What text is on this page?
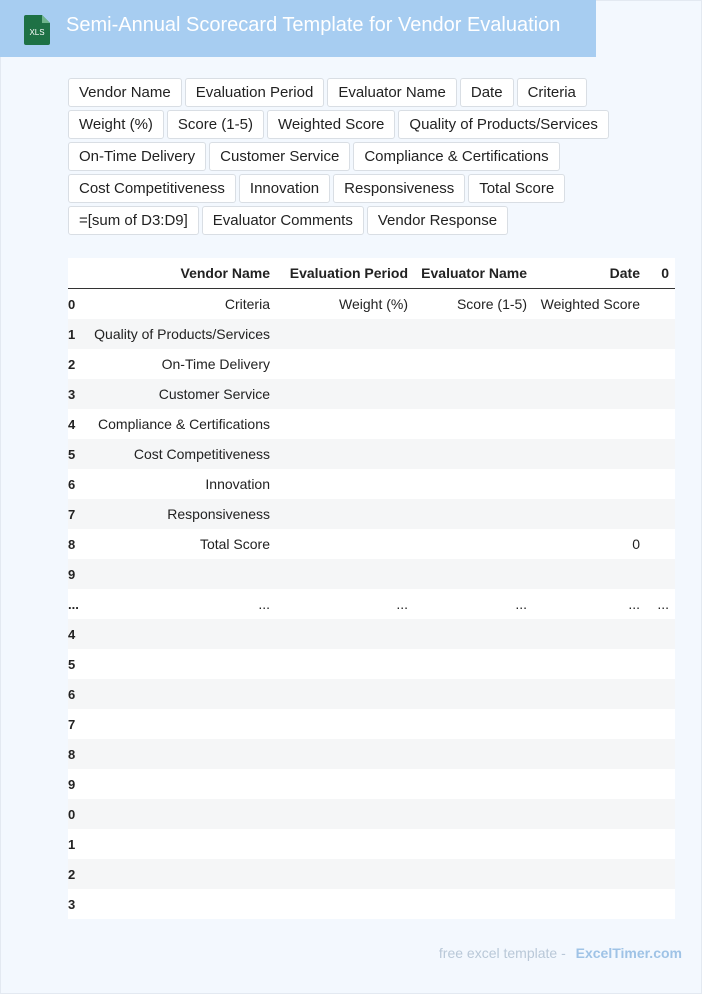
XLS Semi-Annual Scorecard Template for Vendor Evaluation
Vendor Name	Evaluation Period	Evaluator Name	Date	Criteria
Weight (%)	Score (1-5)	Weighted Score	Quality of Products/Services
On-Time Delivery	Customer Service	Compliance & Certifications
Cost Competitiveness	Innovation	Responsiveness	Total Score
=[sum of D3:D9]	Evaluator Comments	Vendor Response
	Vendor Name	Evaluation Period	Evaluator Name	Date	0
0	Criteria	Weight (%)	Score (1-5)	Weighted Score	
1	Quality of Products/Services				
2	On-Time Delivery				
3	Customer Service				
4	Compliance & Certifications				
5	Cost Competitiveness				
6	Innovation				
7	Responsiveness				
8	Total Score			0	
9					
...	...	...	...	...	...
4					
5					
6					
7					
8					
9					
0					
1					
2					
3					
free excel template - ExcelTimer.com
